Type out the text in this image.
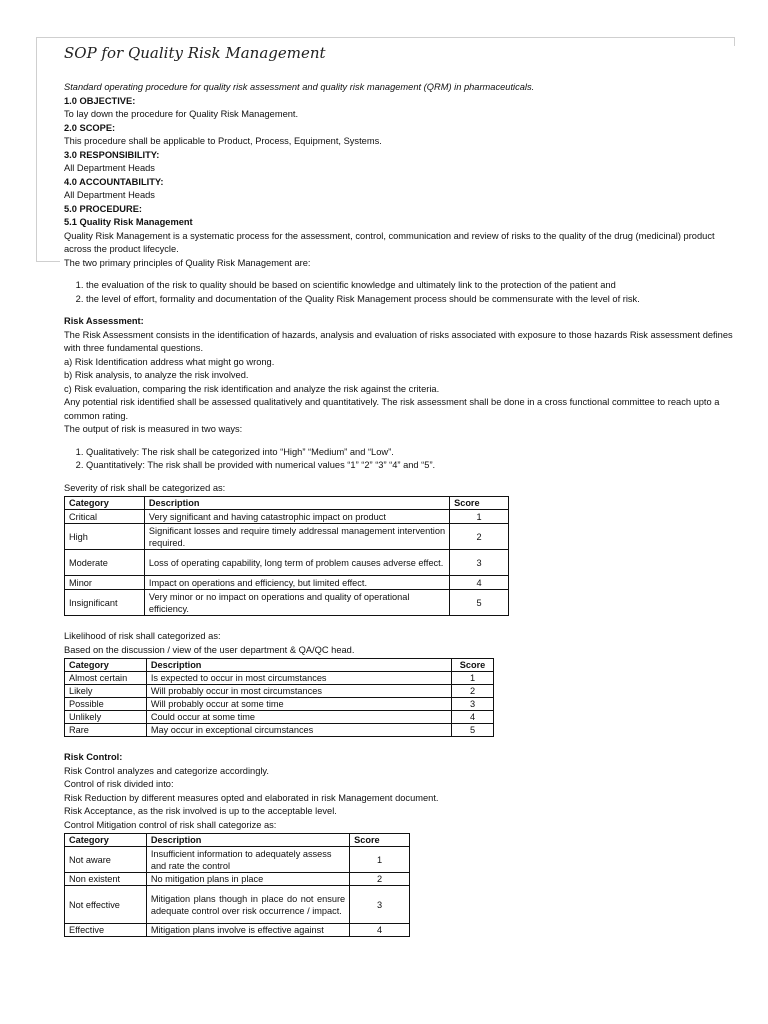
SOP for Quality Risk Management
Standard operating procedure for quality risk assessment and quality risk management (QRM) in pharmaceuticals.
1.0 OBJECTIVE:
To lay down the procedure for Quality Risk Management.
2.0 SCOPE:
This procedure shall be applicable to Product, Process, Equipment, Systems.
3.0 RESPONSIBILITY:
All Department Heads
4.0 ACCOUNTABILITY:
All Department Heads
5.0 PROCEDURE:
5.1 Quality Risk Management
Quality Risk Management is a systematic process for the assessment, control, communication and review of risks to the quality of the drug (medicinal) product across the product lifecycle.
The two primary principles of Quality Risk Management are:
1. the evaluation of the risk to quality should be based on scientific knowledge and ultimately link to the protection of the patient and
2. the level of effort, formality and documentation of the Quality Risk Management process should be commensurate with the level of risk.
Risk Assessment:
The Risk Assessment consists in the identification of hazards, analysis and evaluation of risks associated with exposure to those hazards Risk assessment defines with three fundamental questions.
a) Risk Identification address what might go wrong.
b) Risk analysis, to analyze the risk involved.
c) Risk evaluation, comparing the risk identification and analyze the risk against the criteria.
Any potential risk identified shall be assessed qualitatively and quantitatively. The risk assessment shall be done in a cross functional committee to reach upto a common rating.
The output of risk is measured in two ways:
1. Qualitatively: The risk shall be categorized into “High” “Medium” and “Low”.
2. Quantitatively: The risk shall be provided with numerical values “1” “2” “3” “4” and “5”.
Severity of risk shall be categorized as:
Category	Description	Score
Critical	Very significant and having catastrophic impact on product	1
High	Significant losses and require timely addressal management intervention required.	2
Moderate	Loss of operating capability, long term of problem causes adverse effect.	3
Minor	Impact on operations and efficiency, but limited effect.	4
Insignificant	Very minor or no impact on operations and quality of operational efficiency.	5
Likelihood of risk shall categorized as:
Based on the discussion / view of the user department & QA/QC head.
Category	Description	Score
Almost certain	Is expected to occur in most circumstances	1
Likely	Will probably occur in most circumstances	2
Possible	Will probably occur at some time	3
Unlikely	Could occur at some time	4
Rare	May occur in exceptional circumstances	5
Risk Control:
Risk Control analyzes and categorize accordingly.
Control of risk divided into:
Risk Reduction by different measures opted and elaborated in risk Management document.
Risk Acceptance, as the risk involved is up to the acceptable level.
Control Mitigation control of risk shall categorize as:
Category	Description	Score
Not aware	Insufficient information to adequately assess and rate the control	1
Non existent	No mitigation plans in place	2
Not effective	Mitigation plans though in place do not ensure adequate control over risk occurrence / impact.	3
Effective	Mitigation plans involve is effective against	4
